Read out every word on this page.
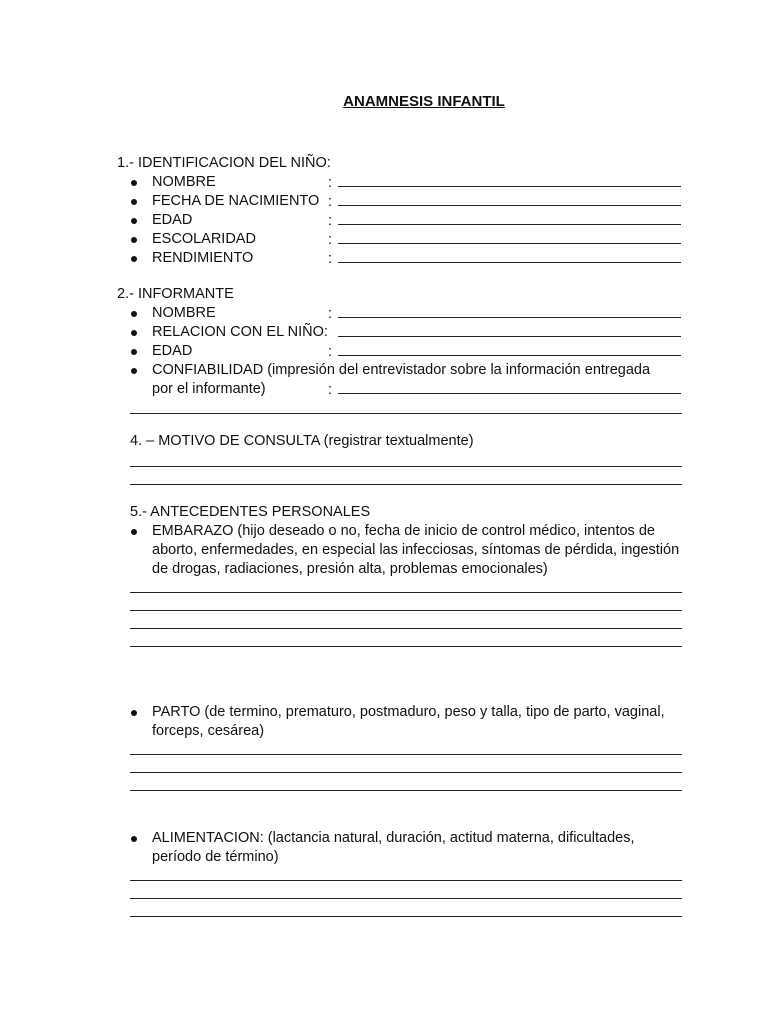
ANAMNESIS INFANTIL
1.- IDENTIFICACION DEL NIÑO:
NOMBRE	:
FECHA DE NACIMIENTO :
EDAD	:
ESCOLARIDAD	:
RENDIMIENTO	:
2.- INFORMANTE
NOMBRE	:
RELACION CON EL NIÑO:
EDAD	:
CONFIABILIDAD (impresión del entrevistador sobre la información entregada
por el informante)	:
4. – MOTIVO DE CONSULTA (registrar textualmente)
5.- ANTECEDENTES PERSONALES
EMBARAZO (hijo deseado o no, fecha de inicio de control médico, intentos de aborto, enfermedades, en especial las infecciosas, síntomas de pérdida, ingestión de drogas, radiaciones, presión alta, problemas emocionales)
PARTO (de termino, prematuro, postmaduro, peso y talla, tipo de parto, vaginal, forceps, cesárea)
ALIMENTACION: (lactancia natural, duración, actitud materna, dificultades, período de término)
